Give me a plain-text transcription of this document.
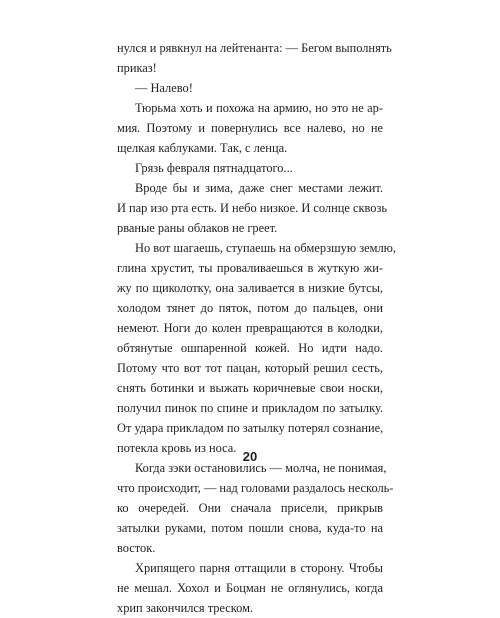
нулся и рявкнул на лейтенанта: — Бегом выполнять
приказ!
— Налево!
Тюрьма хоть и похожа на армию, но это не ар-
мия. Поэтому и повернулись все налево, но не
щелкая каблуками. Так, с ленца.
Грязь февраля пятнадцатого...
Вроде бы и зима, даже снег местами лежит.
И пар изо рта есть. И небо низкое. И солнце сквозь
рваные раны облаков не греет.
Но вот шагаешь, ступаешь на обмерзшую землю,
глина хрустит, ты проваливаешься в жуткую жи-
жу по щиколотку, она заливается в низкие бутсы,
холодом тянет до пяток, потом до пальцев, они
немеют. Ноги до колен превращаются в колодки,
обтянутые ошпаренной кожей. Но идти надо.
Потому что вот тот пацан, который решил сесть,
снять ботинки и выжать коричневые свои носки,
получил пинок по спине и прикладом по затылку.
От удара прикладом по затылку потерял сознание,
потекла кровь из носа.
Когда зэки остановились — молча, не понимая,
что происходит, — над головами раздалось несколь-
ко очередей. Они сначала присели, прикрыв
затылки руками, потом пошли снова, куда-то на
восток.
Хрипящего парня оттащили в сторону. Чтобы
не мешал. Хохол и Боцман не оглянулись, когда
хрип закончился треском.
20
